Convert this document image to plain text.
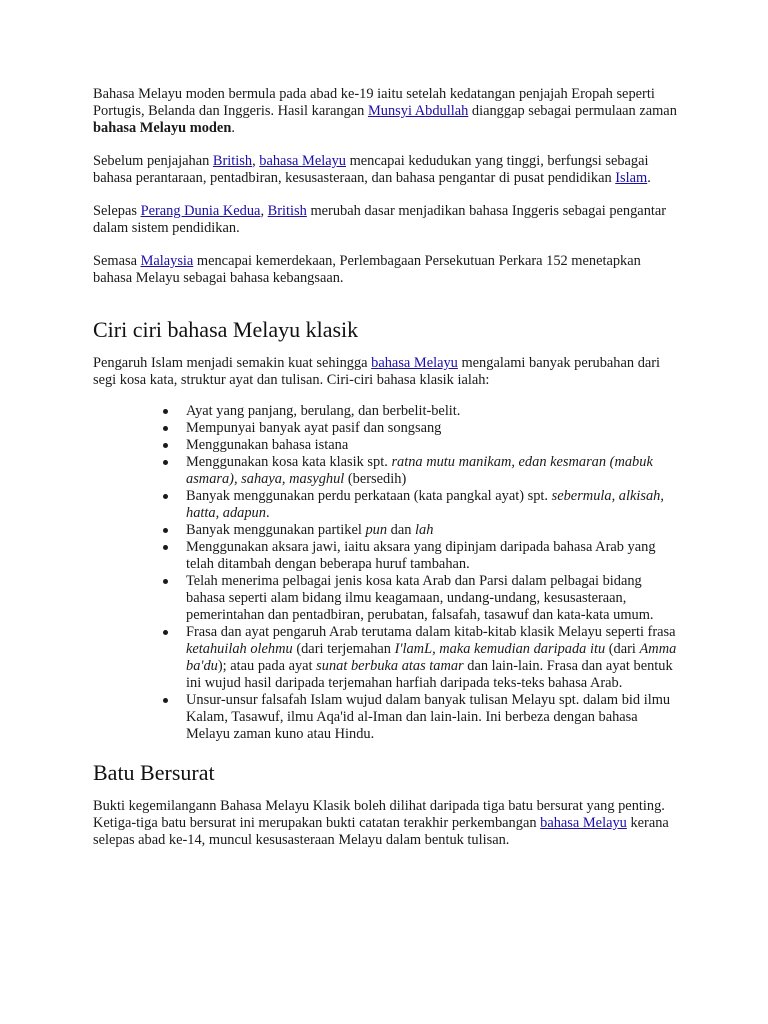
Bahasa Melayu moden bermula pada abad ke-19 iaitu setelah kedatangan penjajah Eropah seperti Portugis, Belanda dan Inggeris. Hasil karangan Munsyi Abdullah dianggap sebagai permulaan zaman bahasa Melayu moden.

Sebelum penjajahan British, bahasa Melayu mencapai kedudukan yang tinggi, berfungsi sebagai bahasa perantaraan, pentadbiran, kesusasteraan, dan bahasa pengantar di pusat pendidikan Islam.

Selepas Perang Dunia Kedua, British merubah dasar menjadikan bahasa Inggeris sebagai pengantar dalam sistem pendidikan.

Semasa Malaysia mencapai kemerdekaan, Perlembagaan Persekutuan Perkara 152 menetapkan bahasa Melayu sebagai bahasa kebangsaan.

Ciri ciri bahasa Melayu klasik

Pengaruh Islam menjadi semakin kuat sehingga bahasa Melayu mengalami banyak perubahan dari segi kosa kata, struktur ayat dan tulisan. Ciri-ciri bahasa klasik ialah:

Ayat yang panjang, berulang, dan berbelit-belit.
Mempunyai banyak ayat pasif dan songsang
Menggunakan bahasa istana
Menggunakan kosa kata klasik spt. ratna mutu manikam, edan kesmaran (mabuk asmara), sahaya, masyghul (bersedih)
Banyak menggunakan perdu perkataan (kata pangkal ayat) spt. sebermula, alkisah, hatta, adapun.
Banyak menggunakan partikel pun dan lah
Menggunakan aksara jawi, iaitu aksara yang dipinjam daripada bahasa Arab yang telah ditambah dengan beberapa huruf tambahan.
Telah menerima pelbagai jenis kosa kata Arab dan Parsi dalam pelbagai bidang bahasa seperti alam bidang ilmu keagamaan, undang-undang, kesusasteraan, pemerintahan dan pentadbiran, perubatan, falsafah, tasawuf dan kata-kata umum.
Frasa dan ayat pengaruh Arab terutama dalam kitab-kitab klasik Melayu seperti frasa ketahuilah olehmu (dari terjemahan I'lamL, maka kemudian daripada itu (dari Amma ba'du); atau pada ayat sunat berbuka atas tamar dan lain-lain. Frasa dan ayat bentuk ini wujud hasil daripada terjemahan harfiah daripada teks-teks bahasa Arab.
Unsur-unsur falsafah Islam wujud dalam banyak tulisan Melayu spt. dalam bid ilmu Kalam, Tasawuf, ilmu Aqa'id al-Iman dan lain-lain. Ini berbeza dengan bahasa Melayu zaman kuno atau Hindu.
Batu Bersurat

Bukti kegemilangann Bahasa Melayu Klasik boleh dilihat daripada tiga batu bersurat yang penting. Ketiga-tiga batu bersurat ini merupakan bukti catatan terakhir perkembangan bahasa Melayu kerana selepas abad ke-14, muncul kesusasteraan Melayu dalam bentuk tulisan.
